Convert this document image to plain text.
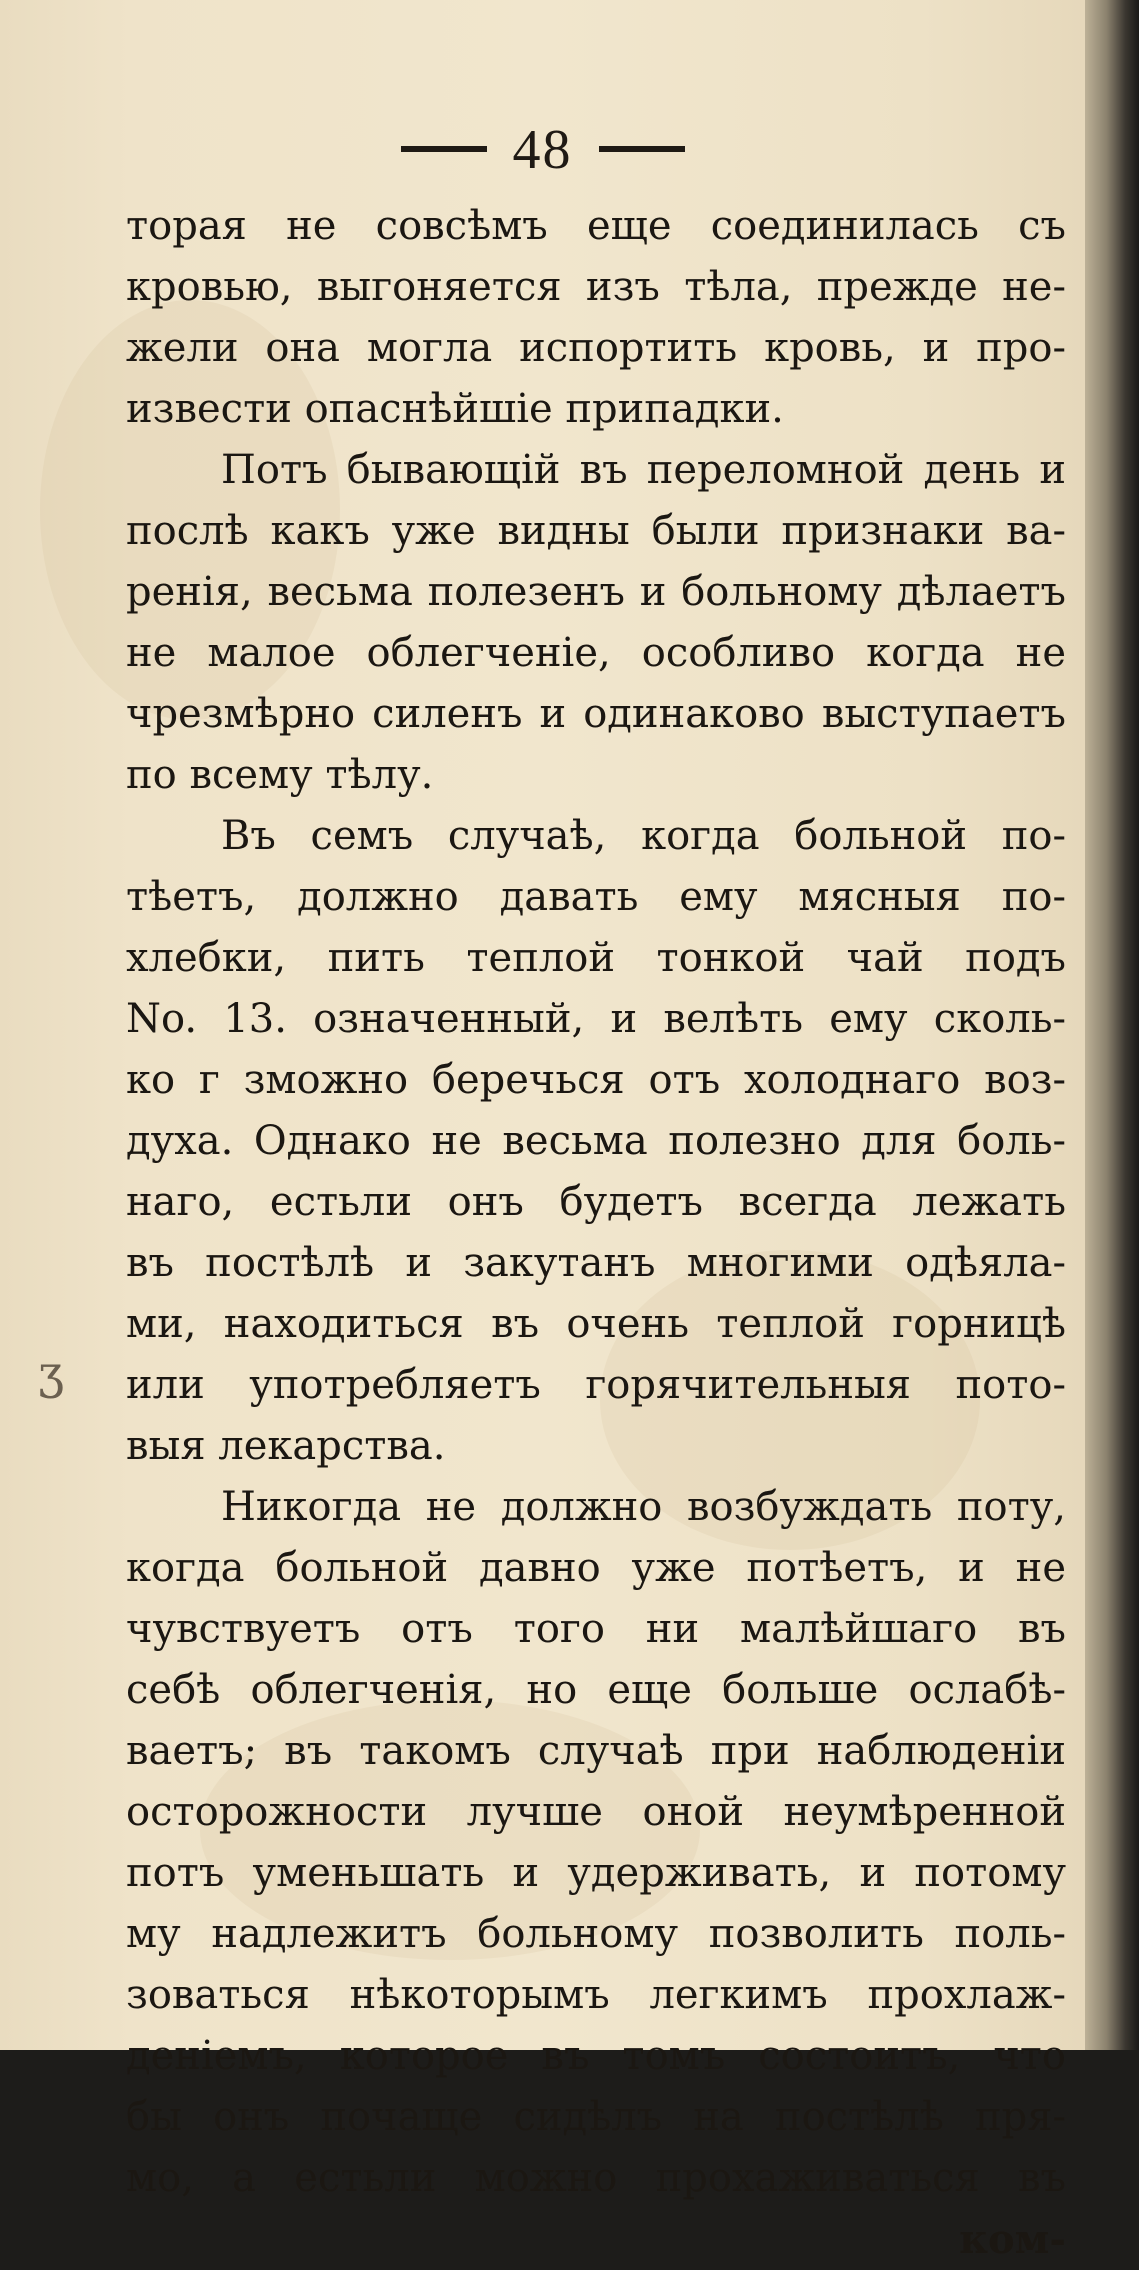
48
ʒ
торая не совсѣмъ еще соединилась съ
кровью, выгоняется изъ тѣла, прежде не-
жели она могла испортить кровь, и про-
извести опаснѣйшіе припадки.
Потъ бывающій въ переломной день и
послѣ какъ уже видны были признаки ва-
ренія, весьма полезенъ и больному дѣлаетъ
не малое облегченіе, особливо когда не
чрезмѣрно силенъ и одинаково выступаетъ
по всему тѣлу.
Въ семъ случаѣ, когда больной по-
тѣетъ, должно давать ему мясныя по-
хлебки, пить теплой тонкой чай подъ
No. 13. означенный, и велѣть ему сколь-
ко г зможно беречься отъ холоднаго воз-
духа. Однако не весьма полезно для боль-
наго, естьли онъ будетъ всегда лежать
въ постѣлѣ и закутанъ многими одѣяла-
ми, находиться въ очень теплой горницѣ
или употребляетъ горячительныя пото-
выя лекарства.
Никогда не должно возбуждать поту,
когда больной давно уже потѣетъ, и не
чувствуетъ отъ того ни малѣйшаго въ
себѣ облегченія, но еще больше ослабѣ-
ваетъ; въ такомъ случаѣ при наблюденіи
осторожности лучше оной неумѣренной
потъ уменьшать и удерживать, и потому
му надлежитъ больному позволить поль-
зоваться нѣкоторымъ легкимъ прохлаж-
деніемъ, которое въ томъ состоитъ, что
бы онъ почаще сидѣлъ на постѣлѣ пря-
мо, а естьли можно прохаживаться въ
ком-
